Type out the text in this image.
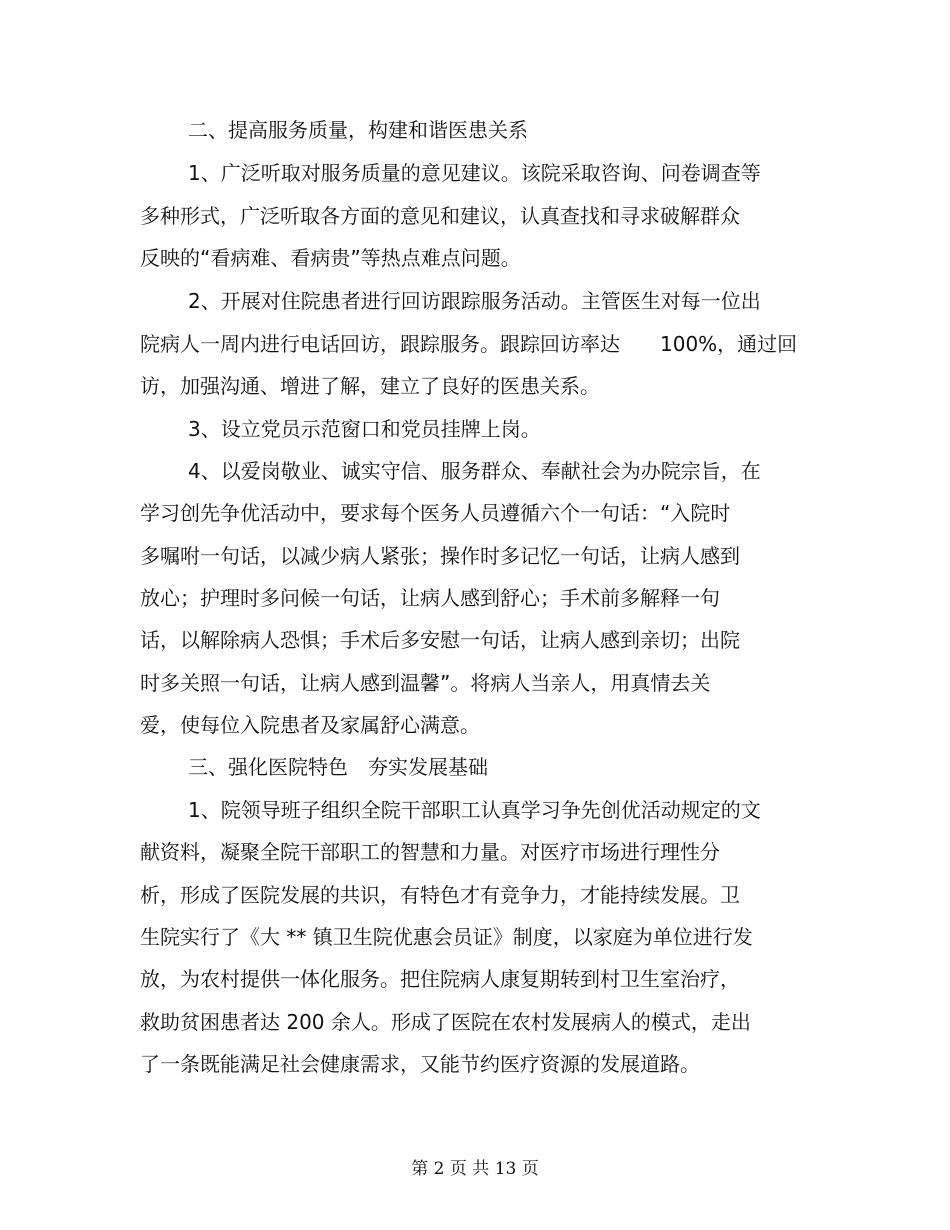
二、提高服务质量，构建和谐医患关系
1、广泛听取对服务质量的意见建议。该院采取咨询、问卷调查等
多种形式，广泛听取各方面的意见和建议，认真查找和寻求破解群众
反映的“看病难、看病贵”等热点难点问题。
2、开展对住院患者进行回访跟踪服务活动。主管医生对每一位出
院病人一周内进行电话回访，跟踪服务。跟踪回访率达　　100%，通过回
访，加强沟通、增进了解，建立了良好的医患关系。
3、设立党员示范窗口和党员挂牌上岗。
4、以爱岗敬业、诚实守信、服务群众、奉献社会为办院宗旨，在
学习创先争优活动中，要求每个医务人员遵循六个一句话：“入院时
多嘱咐一句话，以减少病人紧张；操作时多记忆一句话，让病人感到
放心；护理时多问候一句话，让病人感到舒心；手术前多解释一句
话，以解除病人恐惧；手术后多安慰一句话，让病人感到亲切；出院
时多关照一句话，让病人感到温馨”。将病人当亲人，用真情去关
爱，使每位入院患者及家属舒心满意。
三、强化医院特色　夯实发展基础
1、院领导班子组织全院干部职工认真学习争先创优活动规定的文
献资料，凝聚全院干部职工的智慧和力量。对医疗市场进行理性分
析，形成了医院发展的共识，有特色才有竞争力，才能持续发展。卫
生院实行了《大 ** 镇卫生院优惠会员证》制度，以家庭为单位进行发
放，为农村提供一体化服务。把住院病人康复期转到村卫生室治疗，
救助贫困患者达 200 余人。形成了医院在农村发展病人的模式，走出
了一条既能满足社会健康需求，又能节约医疗资源的发展道路。
第 2 页 共 13 页
